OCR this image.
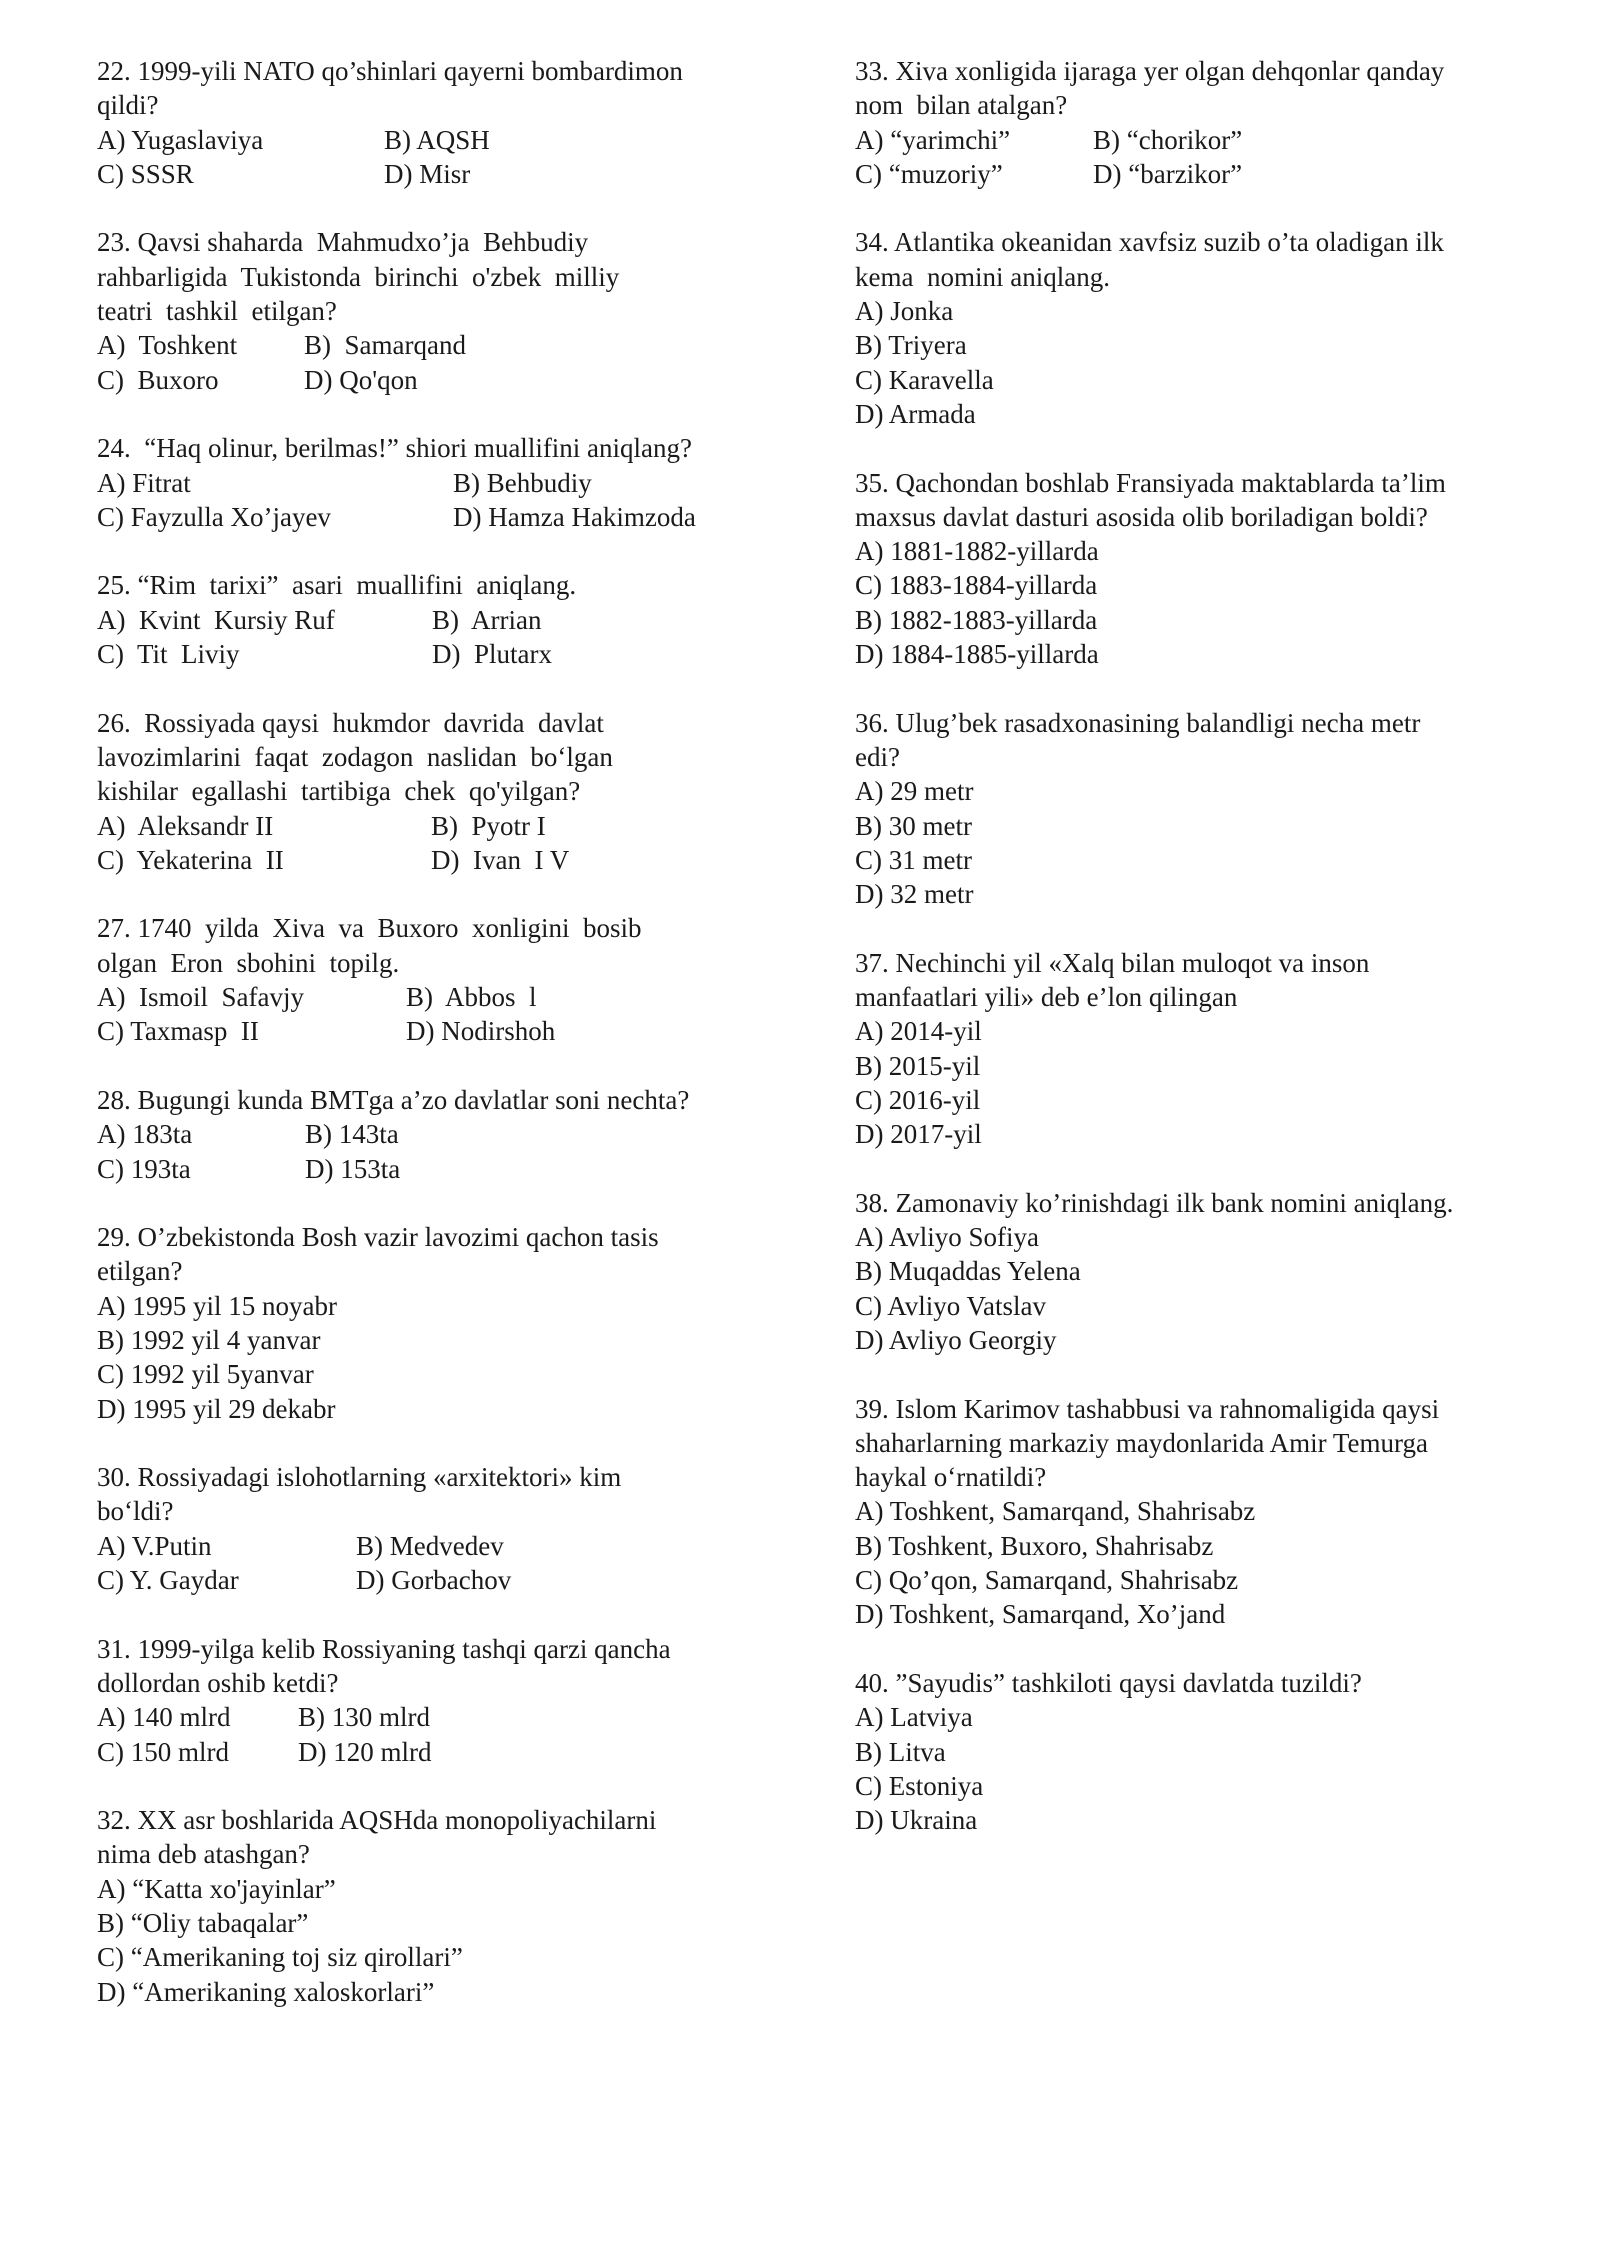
22. 1999-yili NATO qo’shinlari qayerni bombardimon
qildi?
A) Yugaslaviya	B) AQSH
C) SSSR	D) Misr
23. Qavsi shaharda  Mahmudxo’ja  Behbudiy
rahbarligida  Tukistonda  birinchi  o'zbek  milliy
teatri  tashkil  etilgan?
A)  Toshkent B)  Samarqand
C)  Buxoro	D) Qo'qon
24.  “Haq olinur, berilmas!” shiori muallifini aniqlang?
A) Fitrat	B) Behbudiy
C) Fayzulla Xo’jayev	D) Hamza Hakimzoda
25. “Rim  tarixi”  asari  muallifini  aniqlang.
A)  Kvint  Kursiy Ruf	B)  Arrian
C)  Tit  Liviy	D)  Plutarx
26.  Rossiyada qaysi  hukmdor  davrida  davlat
lavozimlarini  faqat  zodagon  naslidan  bo‘lgan
kishilar  egallashi  tartibiga  chek  qo'yilgan?
A)  Aleksandr II	B)  Pyotr I
C)  Yekaterina  II	D)  Ivan  I V
27. 1740  yilda  Xiva  va  Buxoro  xonligini  bosib
olgan  Eron  sbohini  topilg.
A)  Ismoil  Safavjy	B)  Abbos  l
C) Taxmasp  II	D) Nodirshoh
28. Bugungi kunda BMTga a’zo davlatlar soni nechta?
A) 183ta	B) 143ta
C) 193ta	D) 153ta
29. O’zbekistonda Bosh vazir lavozimi qachon tasis
etilgan?
A) 1995 yil 15 noyabr
B) 1992 yil 4 yanvar
C) 1992 yil 5yanvar
D) 1995 yil 29 dekabr
30. Rossiyadagi islohotlarning «arxitektori» kim
bo‘ldi?
A) V.Putin	B) Medvedev
C) Y. Gaydar	D) Gorbachov
31. 1999-yilga kelib Rossiyaning tashqi qarzi qancha
dollordan oshib ketdi?
A) 140 mlrd	B) 130 mlrd
C) 150 mlrd	D) 120 mlrd
32. XX asr boshlarida AQSHda monopoliyachilarni
nima deb atashgan?
A) “Katta xo'jayinlar”
B) “Oliy tabaqalar”
C) “Amerikaning toj siz qirollari”
D) “Amerikaning xaloskorlari”
33. Xiva xonligida ijaraga yer olgan dehqonlar qanday
nom  bilan atalgan?
A) “yarimchi”	B) “chorikor”
C) “muzoriy”	D) “barzikor”
34. Atlantika okeanidan xavfsiz suzib o’ta oladigan ilk
kema  nomini aniqlang.
A) Jonka
B) Triyera
C) Karavella
D) Armada
35. Qachondan boshlab Fransiyada maktablarda ta’lim
maxsus davlat dasturi asosida olib boriladigan boldi?
A) 1881-1882-yillarda
C) 1883-1884-yillarda
B) 1882-1883-yillarda
D) 1884-1885-yillarda
36. Ulug’bek rasadxonasining balandligi necha metr
edi?
A) 29 metr
B) 30 metr
C) 31 metr
D) 32 metr
37. Nechinchi yil «Xalq bilan muloqot va inson
manfaatlari yili» deb e’lon qilingan
A) 2014-yil
B) 2015-yil
C) 2016-yil
D) 2017-yil
38. Zamonaviy ko’rinishdagi ilk bank nomini aniqlang.
A) Avliyo Sofiya
B) Muqaddas Yelena
C) Avliyo Vatslav
D) Avliyo Georgiy
39. Islom Karimov tashabbusi va rahnomaligida qaysi
shaharlarning markaziy maydonlarida Amir Temurga
haykal o‘rnatildi?
A) Toshkent, Samarqand, Shahrisabz
B) Toshkent, Buxoro, Shahrisabz
C) Qo’qon, Samarqand, Shahrisabz
D) Toshkent, Samarqand, Xo’jand
40. ”Sayudis” tashkiloti qaysi davlatda tuzildi?
A) Latviya
B) Litva
C) Estoniya
D) Ukraina
